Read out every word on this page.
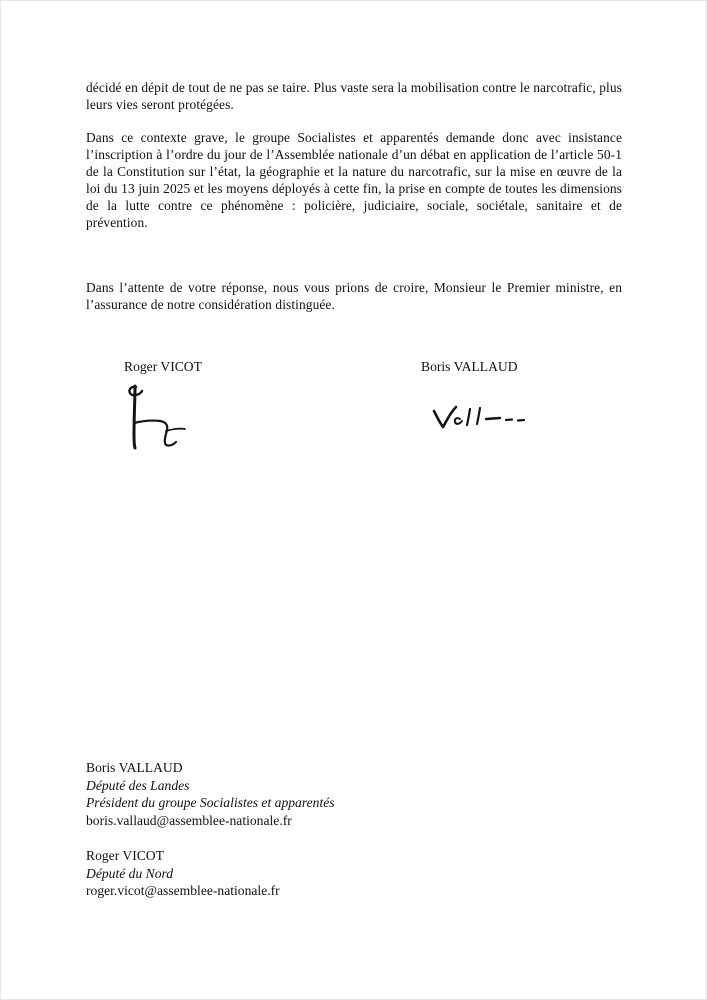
décidé en dépit de tout de ne pas se taire. Plus vaste sera la mobilisation contre le narcotrafic, plus leurs vies seront protégées.

Dans ce contexte grave, le groupe Socialistes et apparentés demande donc avec insistance l’inscription à l’ordre du jour de l’Assemblée nationale d’un débat en application de l’article 50-1 de la Constitution sur l’état, la géographie et la nature du narcotrafic, sur la mise en œuvre de la loi du 13 juin 2025 et les moyens déployés à cette fin, la prise en compte de toutes les dimensions de la lutte contre ce phénomène : policière, judiciaire, sociale, sociétale, sanitaire et de prévention.

Dans l’attente de votre réponse, nous vous prions de croire, Monsieur le Premier ministre, en l’assurance de notre considération distinguée.

Roger VICOT	Boris VALLAUD
Boris VALLAUD
Député des Landes
Président du groupe Socialistes et apparentés
boris.vallaud@assemblee-nationale.fr
Roger VICOT
Député du Nord
roger.vicot@assemblee-nationale.fr
